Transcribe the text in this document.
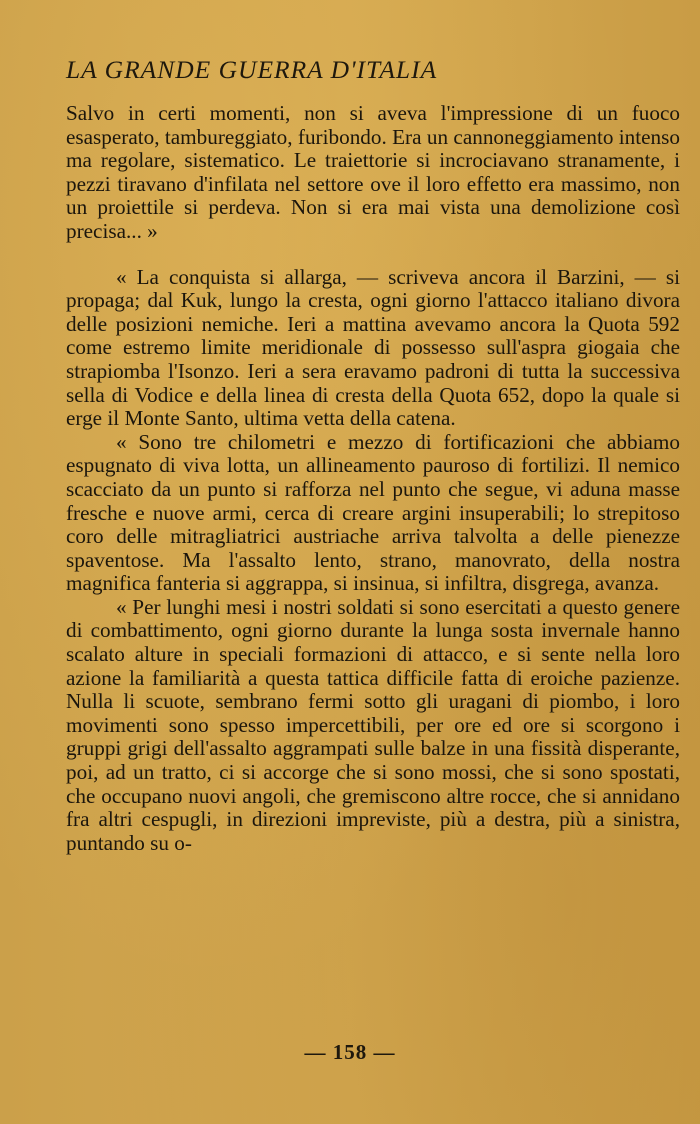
LA GRANDE GUERRA D'ITALIA

Salvo in certi momenti, non si aveva l'impressione di un fuoco esasperato, tambureggiato, furibondo. Era un cannoneggiamento intenso ma regolare, sistematico. Le traiettorie si incrociavano stranamente, i pezzi tiravano d'infilata nel settore ove il loro effetto era massimo, non un proiettile si perdeva. Non si era mai vista una demolizione così precisa... »

« La conquista si allarga, — scriveva ancora il Barzini, — si propaga; dal Kuk, lungo la cresta, ogni giorno l'attacco italiano divora delle posizioni nemiche. Ieri a mattina avevamo ancora la Quota 592 come estremo limite meridionale di possesso sull'aspra giogaia che strapiomba l'Isonzo. Ieri a sera eravamo padroni di tutta la successiva sella di Vodice e della linea di cresta della Quota 652, dopo la quale si erge il Monte Santo, ultima vetta della catena.

« Sono tre chilometri e mezzo di fortificazioni che abbiamo espugnato di viva lotta, un allineamento pauroso di fortilizi. Il nemico scacciato da un punto si rafforza nel punto che segue, vi aduna masse fresche e nuove armi, cerca di creare argini insuperabili; lo strepitoso coro delle mitragliatrici austriache arriva talvolta a delle pienezze spaventose. Ma l'assalto lento, strano, manovrato, della nostra magnifica fanteria si aggrappa, si insinua, si infiltra, disgrega, avanza.

« Per lunghi mesi i nostri soldati si sono esercitati a questo genere di combattimento, ogni giorno durante la lunga sosta invernale hanno scalato alture in speciali formazioni di attacco, e si sente nella loro azione la familiarità a questa tattica difficile fatta di eroiche pazienze. Nulla li scuote, sembrano fermi sotto gli uragani di piombo, i loro movimenti sono spesso impercettibili, per ore ed ore si scorgono i gruppi grigi dell'assalto aggrampati sulle balze in una fissità disperante, poi, ad un tratto, ci si accorge che si sono mossi, che si sono spostati, che occupano nuovi angoli, che gremiscono altre rocce, che si annidano fra altri cespugli, in direzioni impreviste, più a destra, più a sinistra, puntando su o-

— 158 —
